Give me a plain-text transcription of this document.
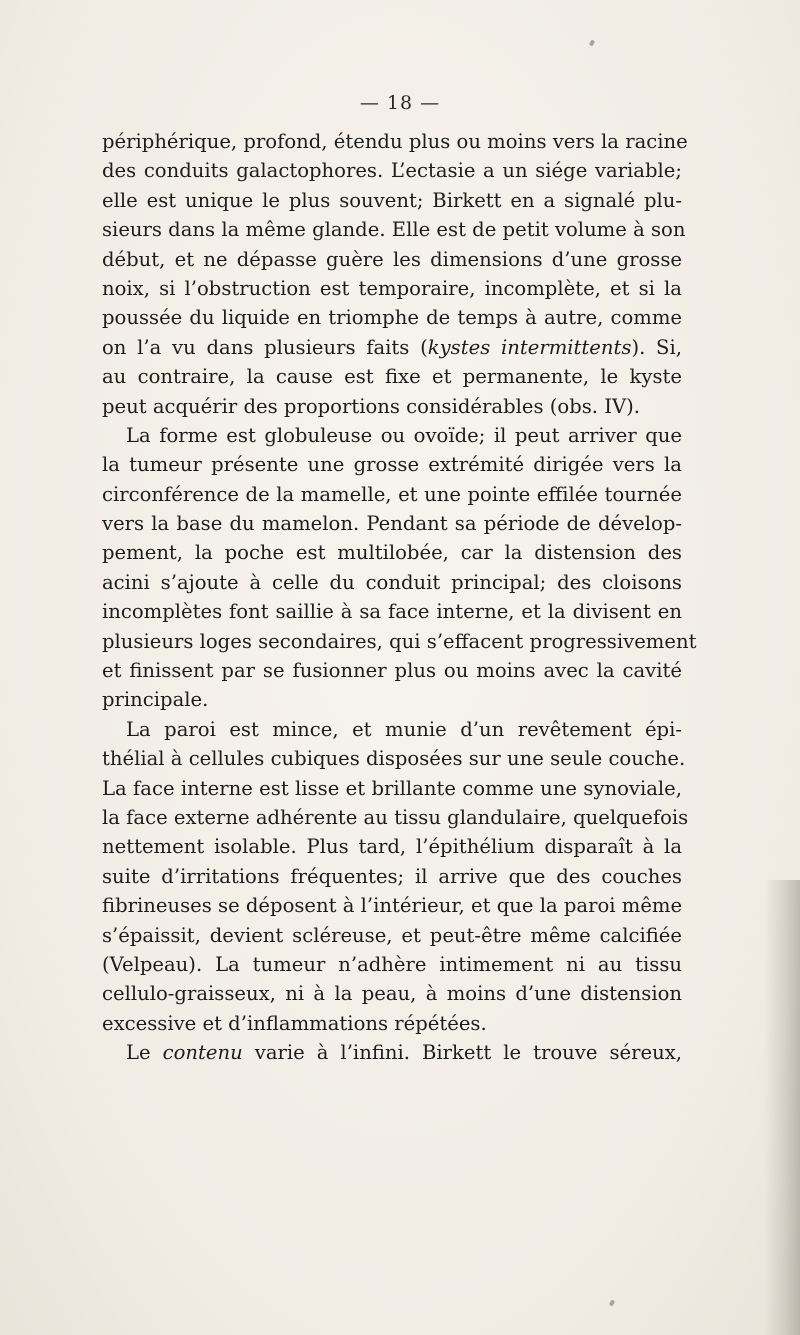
— 18 —
périphérique, profond, étendu plus ou moins vers la racine
des conduits galactophores. L’ectasie a un siége variable;
elle est unique le plus souvent; Birkett en a signalé plu-
sieurs dans la même glande. Elle est de petit volume à son
début, et ne dépasse guère les dimensions d’une grosse
noix, si l’obstruction est temporaire, incomplète, et si la
poussée du liquide en triomphe de temps à autre, comme
on l’a vu dans plusieurs faits (kystes intermittents). Si,
au contraire, la cause est fixe et permanente, le kyste
peut acquérir des proportions considérables (obs. IV).
La forme est globuleuse ou ovoïde; il peut arriver que
la tumeur présente une grosse extrémité dirigée vers la
circonférence de la mamelle, et une pointe effilée tournée
vers la base du mamelon. Pendant sa période de dévelop-
pement, la poche est multilobée, car la distension des
acini s’ajoute à celle du conduit principal; des cloisons
incomplètes font saillie à sa face interne, et la divisent en
plusieurs loges secondaires, qui s’effacent progressivement
et finissent par se fusionner plus ou moins avec la cavité
principale.
La paroi est mince, et munie d’un revêtement épi-
thélial à cellules cubiques disposées sur une seule couche.
La face interne est lisse et brillante comme une synoviale,
la face externe adhérente au tissu glandulaire, quelquefois
nettement isolable. Plus tard, l’épithélium disparaît à la
suite d’irritations fréquentes; il arrive que des couches
fibrineuses se déposent à l’intérieur, et que la paroi même
s’épaissit, devient scléreuse, et peut-être même calcifiée
(Velpeau). La tumeur n’adhère intimement ni au tissu
cellulo-graisseux, ni à la peau, à moins d’une distension
excessive et d’inflammations répétées.
Le contenu varie à l’infini. Birkett le trouve séreux,
